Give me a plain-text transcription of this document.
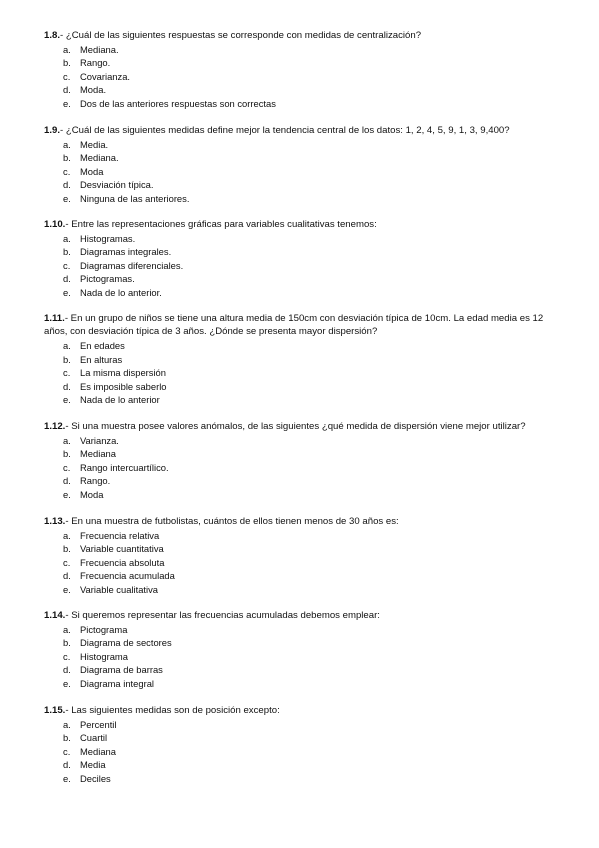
1.8.- ¿Cuál de las siguientes respuestas se corresponde con medidas de centralización?
a. Mediana.
b. Rango.
c. Covarianza.
d. Moda.
e. Dos de las anteriores respuestas son correctas
1.9.- ¿Cuál de las siguientes medidas define mejor la tendencia central de los datos: 1, 2, 4, 5, 9, 1, 3, 9,400?
a. Media.
b. Mediana.
c. Moda
d. Desviación típica.
e. Ninguna de las anteriores.
1.10.- Entre las representaciones gráficas para variables cualitativas tenemos:
a. Histogramas.
b. Diagramas integrales.
c. Diagramas diferenciales.
d. Pictogramas.
e. Nada de lo anterior.
1.11.- En un grupo de niños se tiene una altura media de 150cm con desviación típica de 10cm. La edad media es 12 años, con desviación típica de 3 años. ¿Dónde se presenta mayor dispersión?
a. En edades
b. En alturas
c. La misma dispersión
d. Es imposible saberlo
e. Nada de lo anterior
1.12.- Si una muestra posee valores anómalos, de las siguientes ¿qué medida de dispersión viene mejor utilizar?
a. Varianza.
b. Mediana
c. Rango intercuartílico.
d. Rango.
e. Moda
1.13.- En una muestra de futbolistas, cuántos de ellos tienen menos de 30 años es:
a. Frecuencia relativa
b. Variable cuantitativa
c. Frecuencia absoluta
d. Frecuencia acumulada
e. Variable cualitativa
1.14.- Si queremos representar las frecuencias acumuladas debemos emplear:
a. Pictograma
b. Diagrama de sectores
c. Histograma
d. Diagrama de barras
e. Diagrama integral
1.15.- Las siguientes medidas son de posición excepto:
a. Percentil
b. Cuartil
c. Mediana
d. Media
e. Deciles
